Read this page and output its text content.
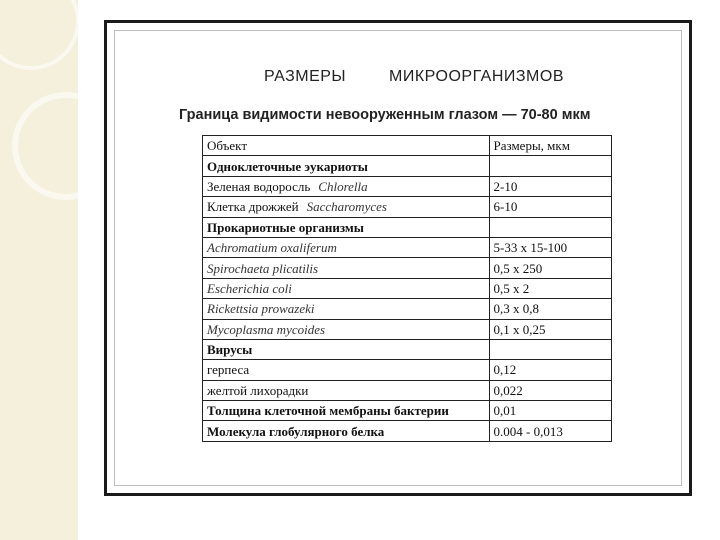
РАЗМЕРЫ	МИКРООРГАНИЗМОВ
Граница видимости невооруженным глазом — 70-80 мкм
Объект	Размеры, мкм
Одноклеточные эукариоты	
Зеленая водоросль Chlorella	2-10
Клетка дрожжей Saccharomyces	6-10
Прокариотные организмы	
Achromatium oxaliferum	5-33 х 15-100
Spirochaeta plicatilis	0,5 х 250
Escherichia coli	0,5 х 2
Rickettsia prowazeki	0,3 х 0,8
Mycoplasma mycoides	0,1 х 0,25
Вирусы	
герпеса	0,12
желтой лихорадки	0,022
Толщина клеточной мембраны бактерии	0,01
Молекула глобулярного белка	0.004 - 0,013
